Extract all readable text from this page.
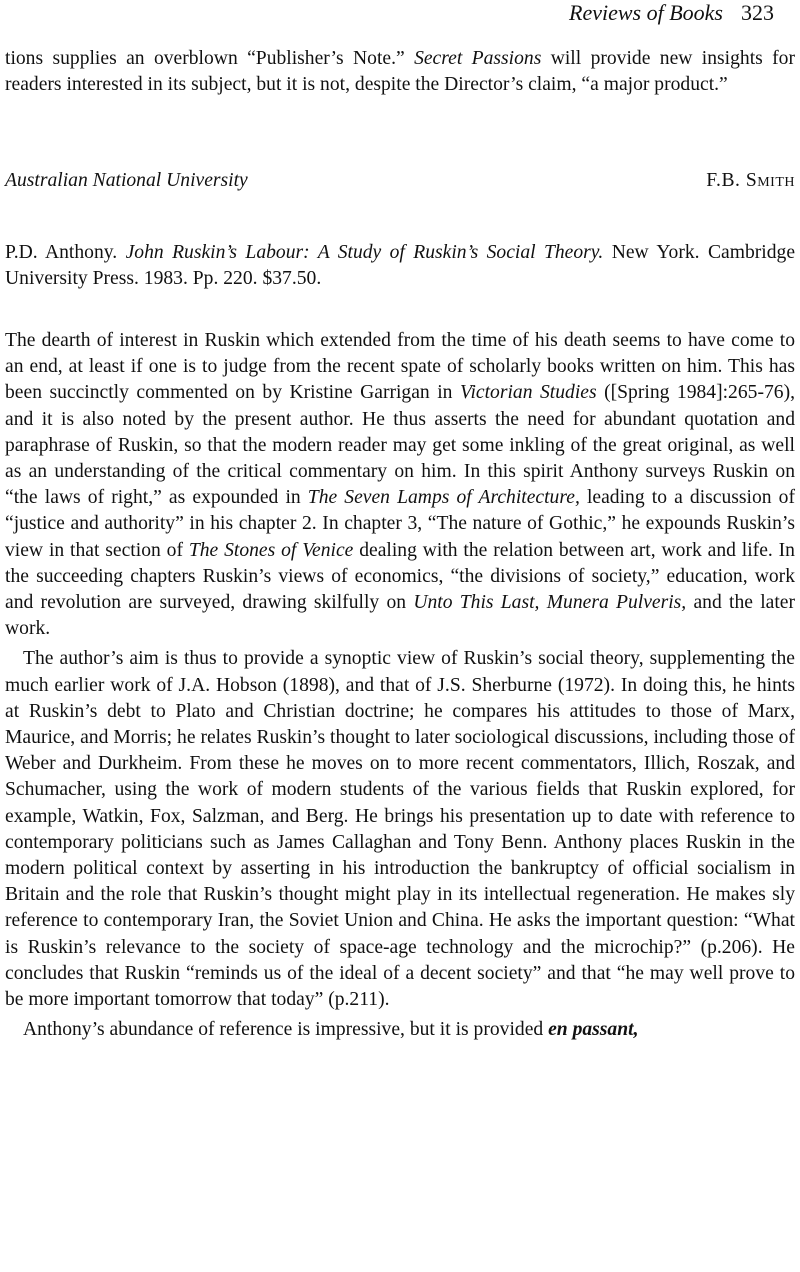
Reviews of Books 323

tions supplies an overblown “Publisher’s Note.” Secret Passions will provide new insights for readers interested in its subject, but it is not, despite the Director’s claim, “a major product.”

Australian National University	F.B. Smith

P.D. Anthony. John Ruskin’s Labour: A Study of Ruskin’s Social Theory. New York. Cambridge University Press. 1983. Pp. 220. $37.50.

The dearth of interest in Ruskin which extended from the time of his death seems to have come to an end, at least if one is to judge from the recent spate of scholarly books written on him. This has been succinctly commented on by Kristine Garrigan in Victorian Studies ([Spring 1984]:265-76), and it is also noted by the present author. He thus asserts the need for abundant quotation and paraphrase of Ruskin, so that the modern reader may get some inkling of the great original, as well as an understanding of the critical commentary on him. In this spirit Anthony surveys Ruskin on “the laws of right,” as expounded in The Seven Lamps of Architecture, leading to a discussion of “justice and authority” in his chapter 2. In chapter 3, “The nature of Gothic,” he expounds Ruskin’s view in that section of The Stones of Venice dealing with the relation between art, work and life. In the succeeding chapters Ruskin’s views of economics, “the divisions of society,” education, work and revolution are surveyed, drawing skilfully on Unto This Last, Munera Pulveris, and the later work.

The author’s aim is thus to provide a synoptic view of Ruskin’s social theory, supplementing the much earlier work of J.A. Hobson (1898), and that of J.S. Sherburne (1972). In doing this, he hints at Ruskin’s debt to Plato and Christian doctrine; he compares his attitudes to those of Marx, Maurice, and Morris; he relates Ruskin’s thought to later sociological discussions, including those of Weber and Durkheim. From these he moves on to more recent commentators, Illich, Roszak, and Schumacher, using the work of modern students of the various fields that Ruskin explored, for example, Watkin, Fox, Salzman, and Berg. He brings his presentation up to date with reference to contemporary politicians such as James Callaghan and Tony Benn. Anthony places Ruskin in the modern political context by asserting in his introduction the bankruptcy of official socialism in Britain and the role that Ruskin’s thought might play in its intellectual regeneration. He makes sly reference to contemporary Iran, the Soviet Union and China. He asks the important question: “What is Ruskin’s relevance to the society of space-age technology and the microchip?” (p.206). He concludes that Ruskin “reminds us of the ideal of a decent society” and that “he may well prove to be more important tomorrow that today” (p.211).

Anthony’s abundance of reference is impressive, but it is provided en passant,
